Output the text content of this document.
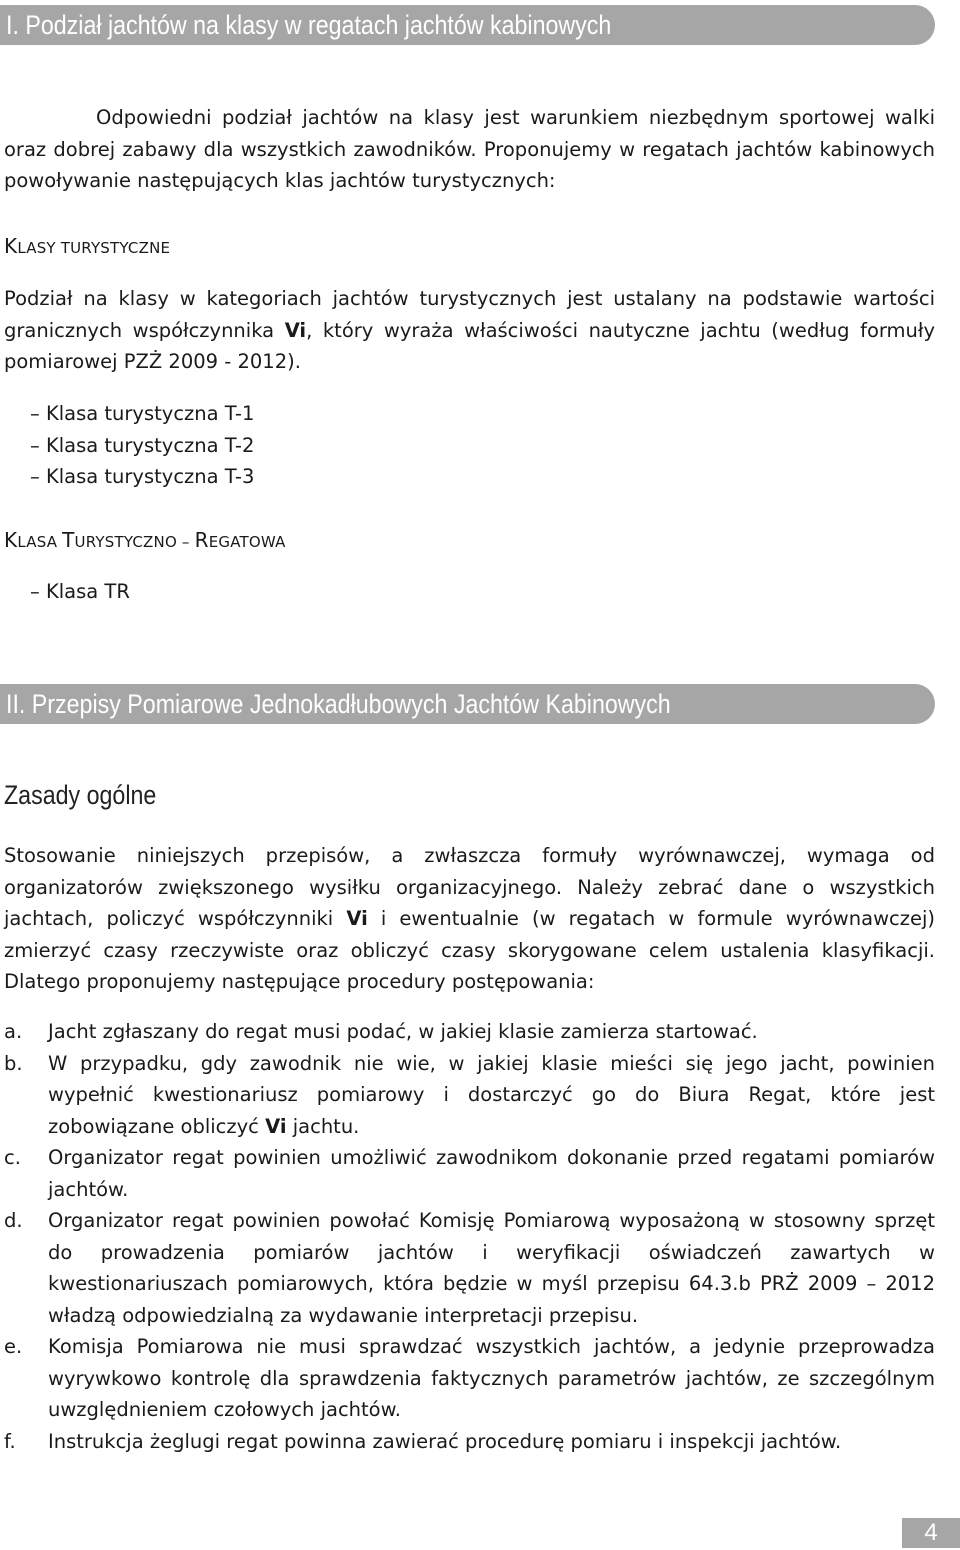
I. Podział jachtów na klasy w regatach jachtów kabinowych
Odpowiedni podział jachtów na klasy jest warunkiem niezbędnym sportowej walki oraz dobrej zabawy dla wszystkich zawodników. Proponujemy w regatach jachtów kabinowych powoływanie następujących klas jachtów turystycznych:
KLASY TURYSTYCZNE
Podział na klasy w kategoriach jachtów turystycznych jest ustalany na podstawie wartości granicznych współczynnika Vi, który wyraża właściwości nautyczne jachtu (według formuły pomiarowej PZŻ 2009 - 2012).
– Klasa turystyczna T-1
– Klasa turystyczna T-2
– Klasa turystyczna T-3
KLASA TURYSTYCZNO – REGATOWA
– Klasa TR
II. Przepisy Pomiarowe Jednokadłubowych Jachtów Kabinowych
Zasady ogólne
Stosowanie niniejszych przepisów, a zwłaszcza formuły wyrównawczej, wymaga od organizatorów zwiększonego wysiłku organizacyjnego. Należy zebrać dane o wszystkich jachtach, policzyć współczynniki Vi i ewentualnie (w regatach w formule wyrównawczej) zmierzyć czasy rzeczywiste oraz obliczyć czasy skorygowane celem ustalenia klasyfikacji. Dlatego proponujemy następujące procedury postępowania:
a.	Jacht zgłaszany do regat musi podać, w jakiej klasie zamierza startować.
b.	W przypadku, gdy zawodnik nie wie, w jakiej klasie mieści się jego jacht, powinien wypełnić kwestionariusz pomiarowy i dostarczyć go do Biura Regat, które jest zobowiązane obliczyć Vi jachtu.
c.	Organizator regat powinien umożliwić zawodnikom dokonanie przed regatami pomiarów jachtów.
d.	Organizator regat powinien powołać Komisję Pomiarową wyposażoną w stosowny sprzęt do prowadzenia pomiarów jachtów i weryfikacji oświadczeń zawartych w kwestionariuszach pomiarowych, która będzie w myśl przepisu 64.3.b PRŻ 2009 – 2012 władzą odpowiedzialną za wydawanie interpretacji przepisu.
e.	Komisja Pomiarowa nie musi sprawdzać wszystkich jachtów, a jedynie przeprowadza wyrywkowo kontrolę dla sprawdzenia faktycznych parametrów jachtów, ze szczególnym uwzględnieniem czołowych jachtów.
f.	Instrukcja żeglugi regat powinna zawierać procedurę pomiaru i inspekcji jachtów.
4
